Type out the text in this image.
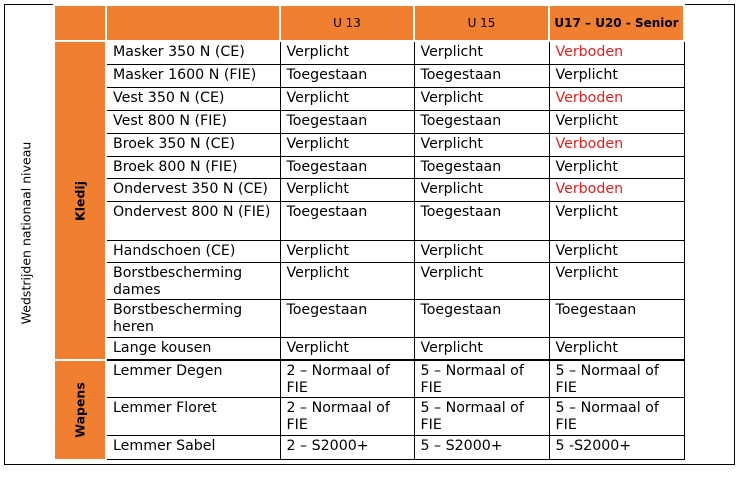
Wedstrijden nationaal niveau
		U 13	U 15	U17 – U20 - Senior

Kledij	Masker 350 N (CE)	Verplicht	Verplicht	Verboden
	Masker 1600 N (FIE)	Toegestaan	Toegestaan	Verplicht
	Vest 350 N (CE)	Verplicht	Verplicht	Verboden
	Vest 800 N (FIE)	Toegestaan	Toegestaan	Verplicht
	Broek 350 N (CE)	Verplicht	Verplicht	Verboden
	Broek 800 N (FIE)	Toegestaan	Toegestaan	Verplicht
	Ondervest 350 N (CE)	Verplicht	Verplicht	Verboden
	Ondervest 800 N (FIE)	Toegestaan	Toegestaan	Verplicht
	Handschoen (CE)	Verplicht	Verplicht	Verplicht
	Borstbescherming dames	Verplicht	Verplicht	Verplicht
	Borstbescherming heren	Toegestaan	Toegestaan	Toegestaan
	Lange kousen	Verplicht	Verplicht	Verplicht

Wapens	Lemmer Degen	2 – Normaal of FIE	5 – Normaal of FIE	5 – Normaal of FIE
	Lemmer Floret	2 – Normaal of FIE	5 – Normaal of FIE	5 – Normaal of FIE
	Lemmer Sabel	2 – S2000+	5 – S2000+	5 -S2000+
